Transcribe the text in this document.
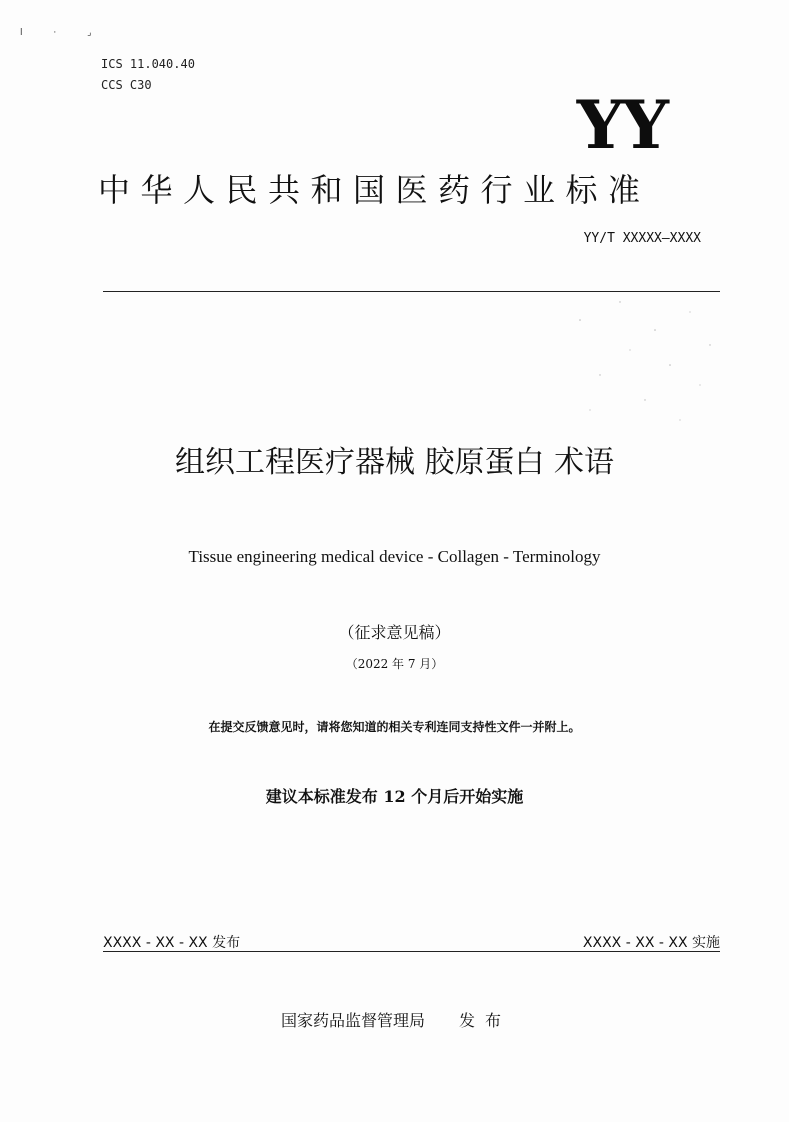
l · ⌟
ICS 11.040.40
CCS C30
YY
中华人民共和国医药行业标准
YY/T XXXXX—XXXX
组织工程医疗器械 胶原蛋白 术语
Tissue engineering medical device - Collagen - Terminology
（征求意见稿）
（2022 年 7 月）
在提交反馈意见时，请将您知道的相关专利连同支持性文件一并附上。
建议本标准发布 12 个月后开始实施
XXXX - XX - XX 发布	XXXX - XX - XX 实施
国家药品监督管理局 发布
